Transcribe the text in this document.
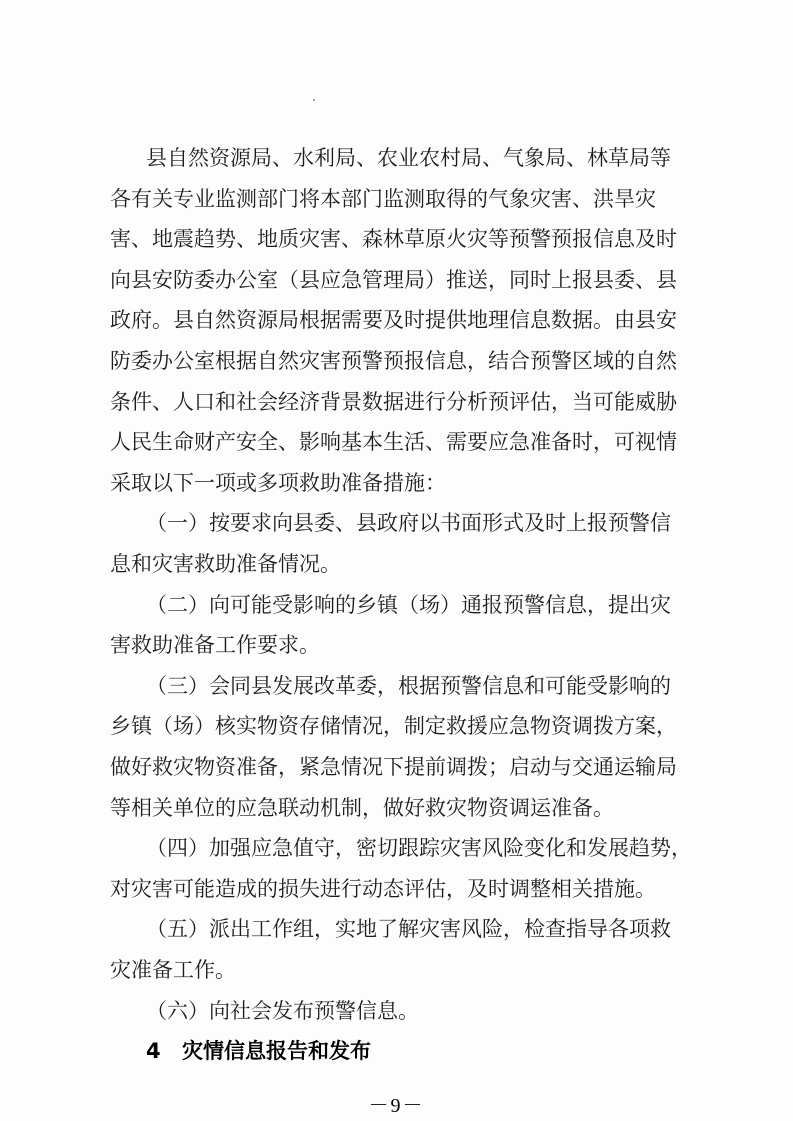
县自然资源局、水利局、农业农村局、气象局、林草局等
各有关专业监测部门将本部门监测取得的气象灾害、洪旱灾
害、地震趋势、地质灾害、森林草原火灾等预警预报信息及时
向县安防委办公室（县应急管理局）推送，同时上报县委、县
政府。县自然资源局根据需要及时提供地理信息数据。由县安
防委办公室根据自然灾害预警预报信息，结合预警区域的自然
条件、人口和社会经济背景数据进行分析预评估，当可能威胁
人民生命财产安全、影响基本生活、需要应急准备时，可视情
采取以下一项或多项救助准备措施：
（一）按要求向县委、县政府以书面形式及时上报预警信
息和灾害救助准备情况。
（二）向可能受影响的乡镇（场）通报预警信息，提出灾
害救助准备工作要求。
（三）会同县发展改革委，根据预警信息和可能受影响的
乡镇（场）核实物资存储情况，制定救援应急物资调拨方案，
做好救灾物资准备，紧急情况下提前调拨；启动与交通运输局
等相关单位的应急联动机制，做好救灾物资调运准备。
（四）加强应急值守，密切跟踪灾害风险变化和发展趋势，
对灾害可能造成的损失进行动态评估，及时调整相关措施。
（五）派出工作组，实地了解灾害风险，检查指导各项救
灾准备工作。
（六）向社会发布预警信息。
4 灾情信息报告和发布
－9－
